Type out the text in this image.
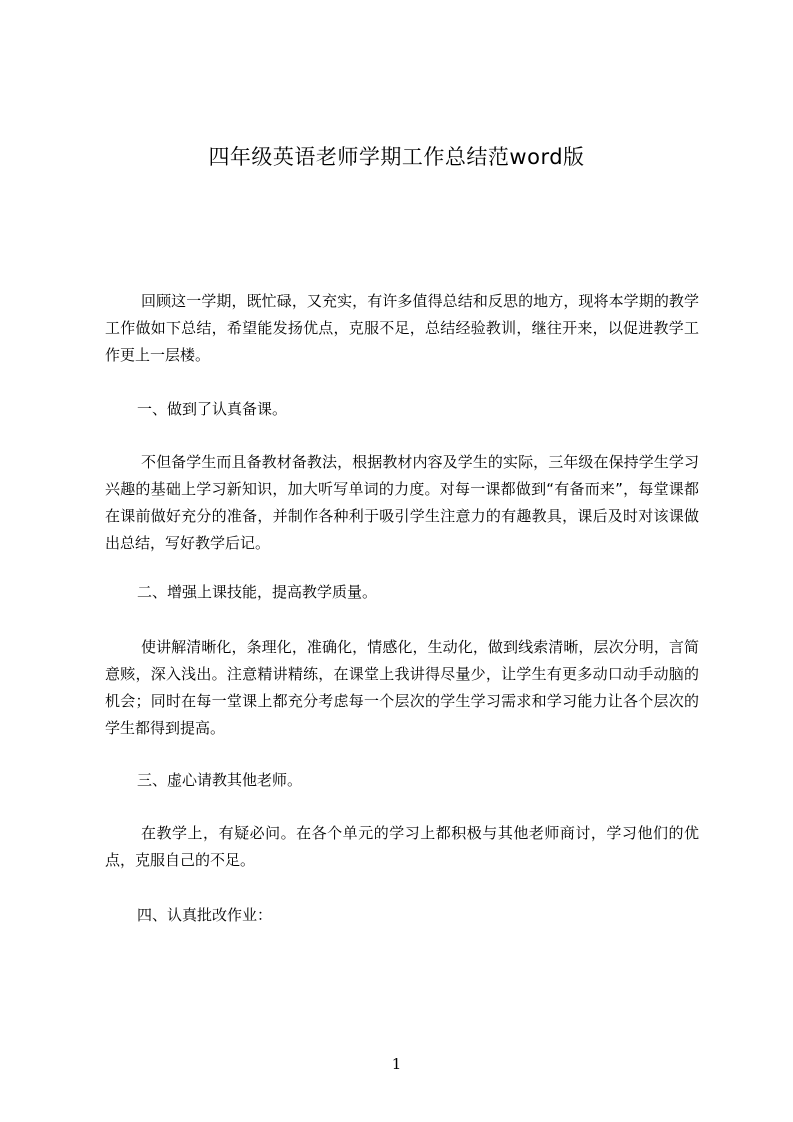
四年级英语老师学期工作总结范word版
回顾这一学期，既忙碌，又充实，有许多值得总结和反思的地方，现将本学期的教学工作做如下总结，希望能发扬优点，克服不足，总结经验教训，继往开来，以促进教学工作更上一层楼。
一、做到了认真备课。
不但备学生而且备教材备教法，根据教材内容及学生的实际，三年级在保持学生学习兴趣的基础上学习新知识，加大听写单词的力度。对每一课都做到“有备而来”，每堂课都在课前做好充分的准备，并制作各种利于吸引学生注意力的有趣教具，课后及时对该课做出总结，写好教学后记。
二、增强上课技能，提高教学质量。
使讲解清晰化，条理化，准确化，情感化，生动化，做到线索清晰，层次分明，言简意赅，深入浅出。注意精讲精练，在课堂上我讲得尽量少，让学生有更多动口动手动脑的机会；同时在每一堂课上都充分考虑每一个层次的学生学习需求和学习能力让各个层次的学生都得到提高。
三、虚心请教其他老师。
在教学上，有疑必问。在各个单元的学习上都积极与其他老师商讨，学习他们的优点，克服自己的不足。
四、认真批改作业：
1
